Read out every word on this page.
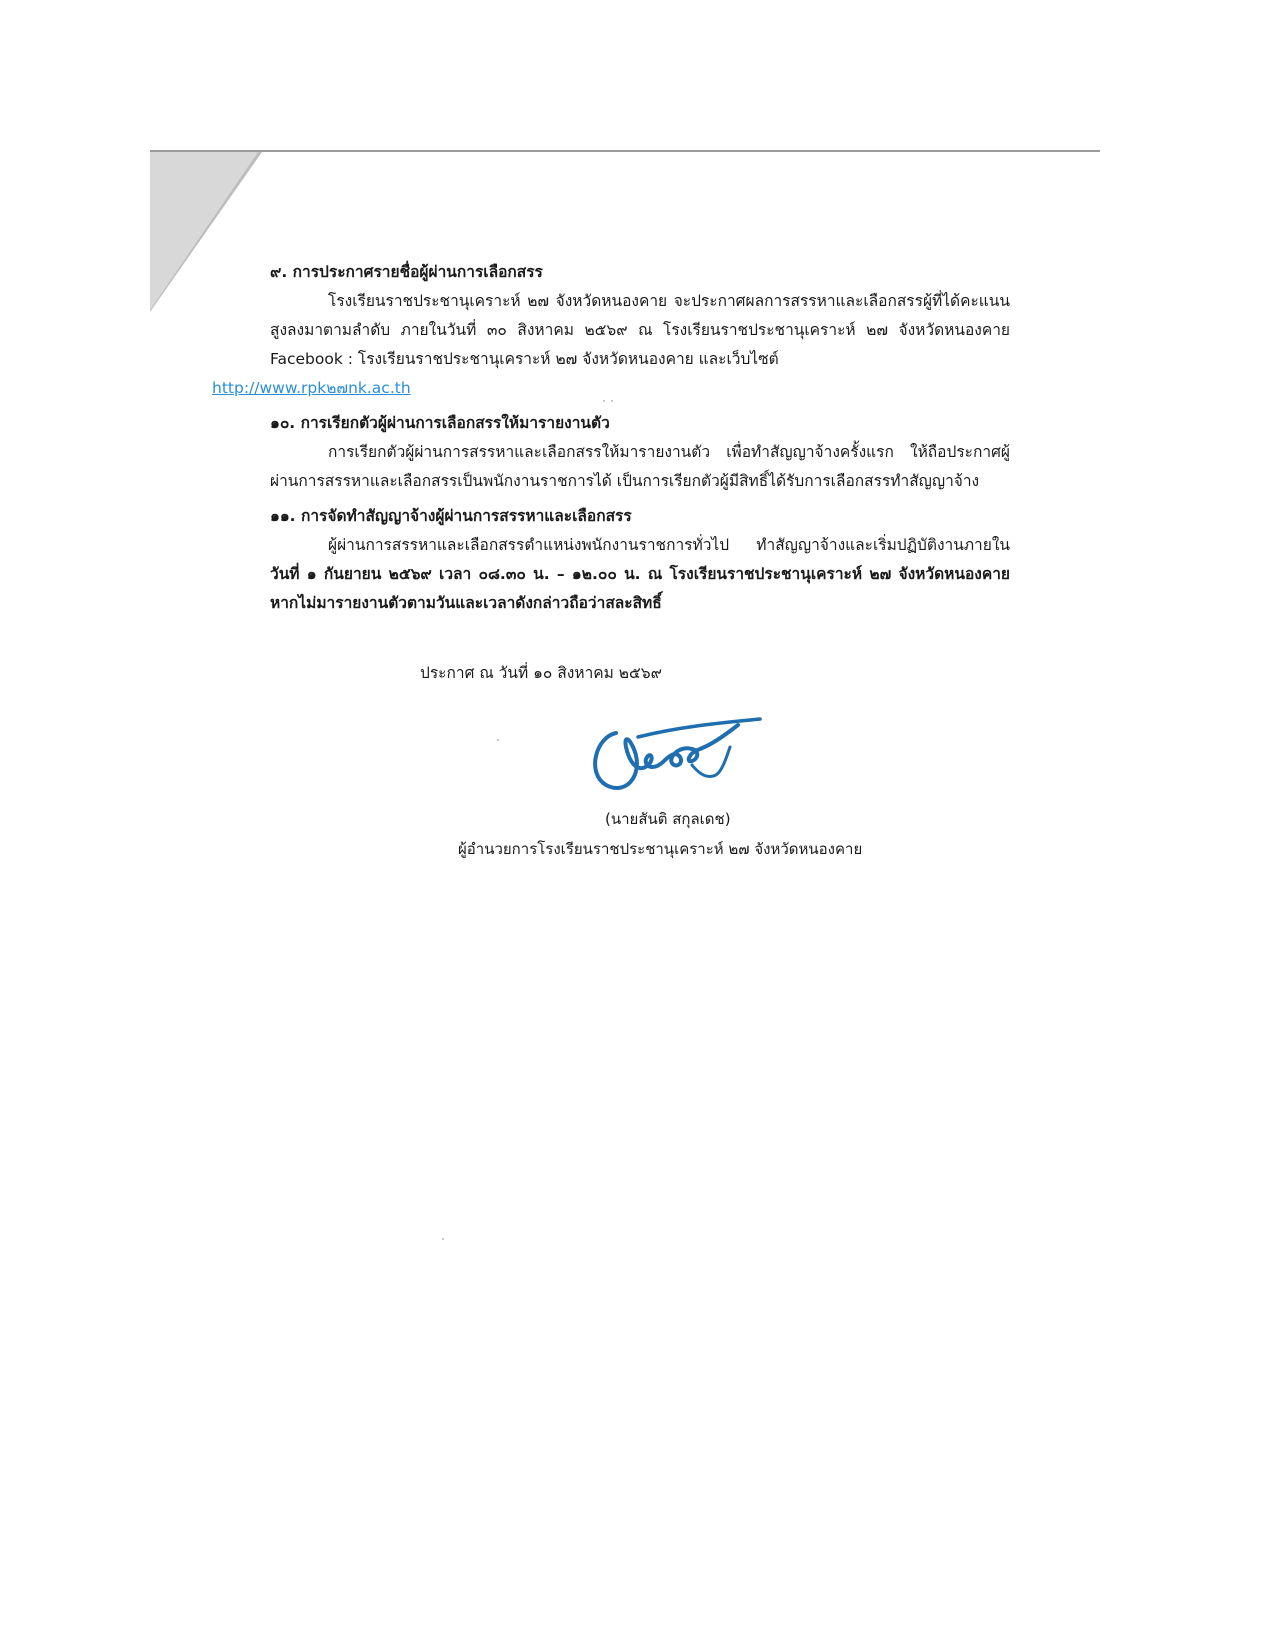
๙. การประกาศรายชื่อผู้ผ่านการเลือกสรร

โรงเรียนราชประชานุเคราะห์ ๒๗ จังหวัดหนองคาย จะประกาศผลการสรรหาและเลือกสรรผู้ที่ได้คะแนนสูงลงมาตามลำดับ ภายในวันที่ ๓๐ สิงหาคม ๒๕๖๙ ณ โรงเรียนราชประชานุเคราะห์ ๒๗ จังหวัดหนองคาย Facebook : โรงเรียนราชประชานุเคราะห์ ๒๗ จังหวัดหนองคาย และเว็บไซต์
http://www.rpk๒๗nk.ac.th

๑๐. การเรียกตัวผู้ผ่านการเลือกสรรให้มารายงานตัว

การเรียกตัวผู้ผ่านการสรรหาและเลือกสรรให้มารายงานตัว เพื่อทำสัญญาจ้างครั้งแรก ให้ถือประกาศผู้ผ่านการสรรหาและเลือกสรรเป็นพนักงานราชการได้ เป็นการเรียกตัวผู้มีสิทธิ์ได้รับการเลือกสรรทำสัญญาจ้าง

๑๑. การจัดทำสัญญาจ้างผู้ผ่านการสรรหาและเลือกสรร

ผู้ผ่านการสรรหาและเลือกสรรตำแหน่งพนักงานราชการทั่วไป ทำสัญญาจ้างและเริ่มปฏิบัติงานภายใน วันที่ ๑ กันยายน ๒๕๖๙ เวลา ๐๘.๓๐ น. – ๑๒.๐๐ น. ณ โรงเรียนราชประชานุเคราะห์ ๒๗ จังหวัดหนองคาย หากไม่มารายงานตัวตามวันและเวลาดังกล่าวถือว่าสละสิทธิ์

ประกาศ ณ วันที่ ๑๐ สิงหาคม ๒๕๖๙
(นายสันติ สกุลเดช)
ผู้อำนวยการโรงเรียนราชประชานุเคราะห์ ๒๗ จังหวัดหนองคาย
